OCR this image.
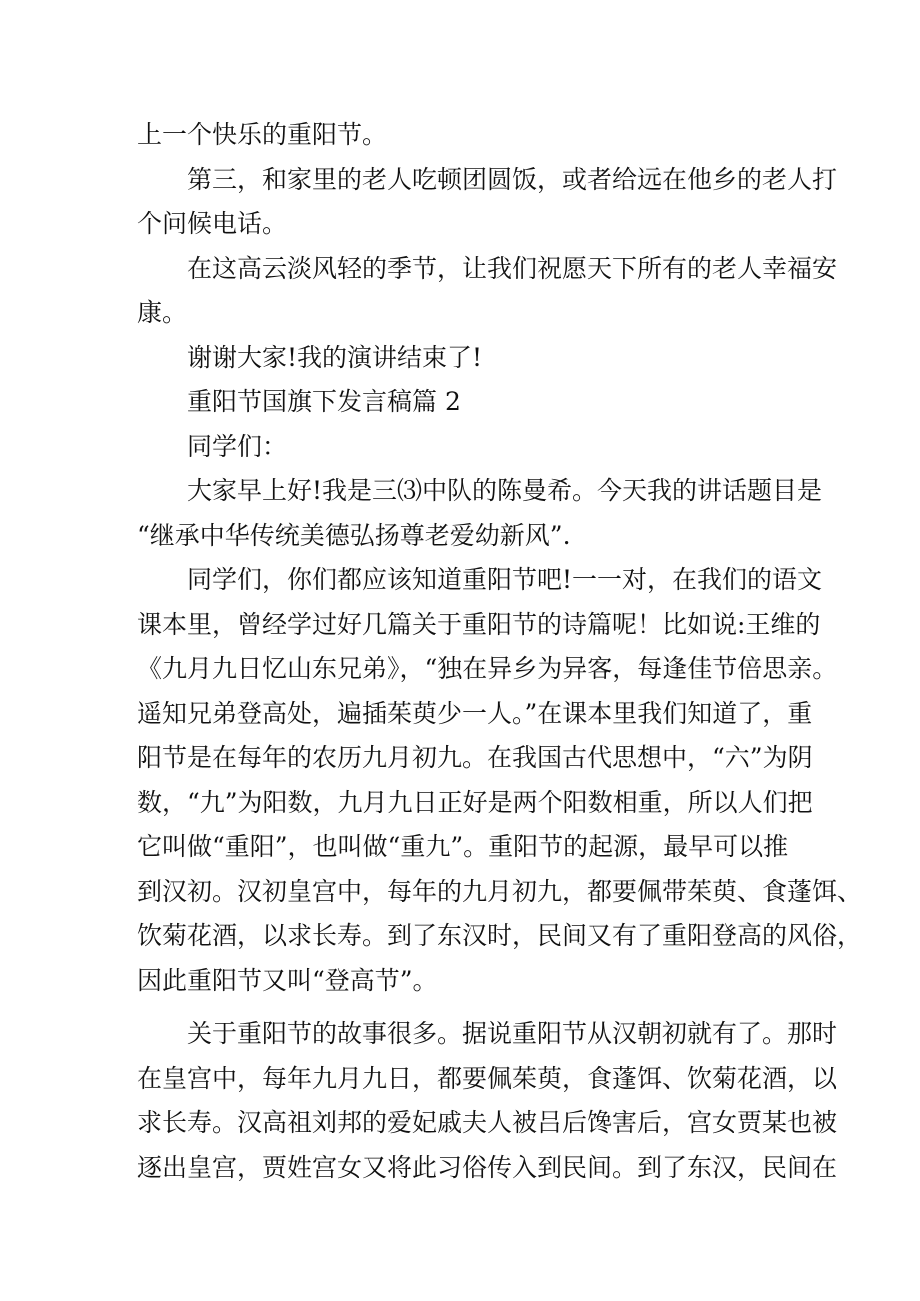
上一个快乐的重阳节。
第三，和家里的老人吃顿团圆饭，或者给远在他乡的老人打
个问候电话。
在这高云淡风轻的季节，让我们祝愿天下所有的老人幸福安
康。
谢谢大家!我的演讲结束了!
重阳节国旗下发言稿篇 2
同学们：
大家早上好!我是三⑶中队的陈曼希。今天我的讲话题目是
“继承中华传统美德弘扬尊老爱幼新风”.
同学们，你们都应该知道重阳节吧!一一对，在我们的语文
课本里，曾经学过好几篇关于重阳节的诗篇呢！比如说:王维的
《九月九日忆山东兄弟》，“独在异乡为异客，每逢佳节倍思亲。
遥知兄弟登高处，遍插茱萸少一人。”在课本里我们知道了，重
阳节是在每年的农历九月初九。在我国古代思想中，“六”为阴
数，“九”为阳数，九月九日正好是两个阳数相重，所以人们把
它叫做“重阳”，也叫做“重九”。重阳节的起源，最早可以推
到汉初。汉初皇宫中，每年的九月初九，都要佩带茱萸、食蓬饵、
饮菊花酒，以求长寿。到了东汉时，民间又有了重阳登高的风俗，
因此重阳节又叫“登高节”。
关于重阳节的故事很多。据说重阳节从汉朝初就有了。那时
在皇宫中，每年九月九日，都要佩茱萸，食蓬饵、饮菊花酒，以
求长寿。汉高祖刘邦的爱妃戚夫人被吕后馋害后，宫女贾某也被
逐出皇宫，贾姓宫女又将此习俗传入到民间。到了东汉，民间在
